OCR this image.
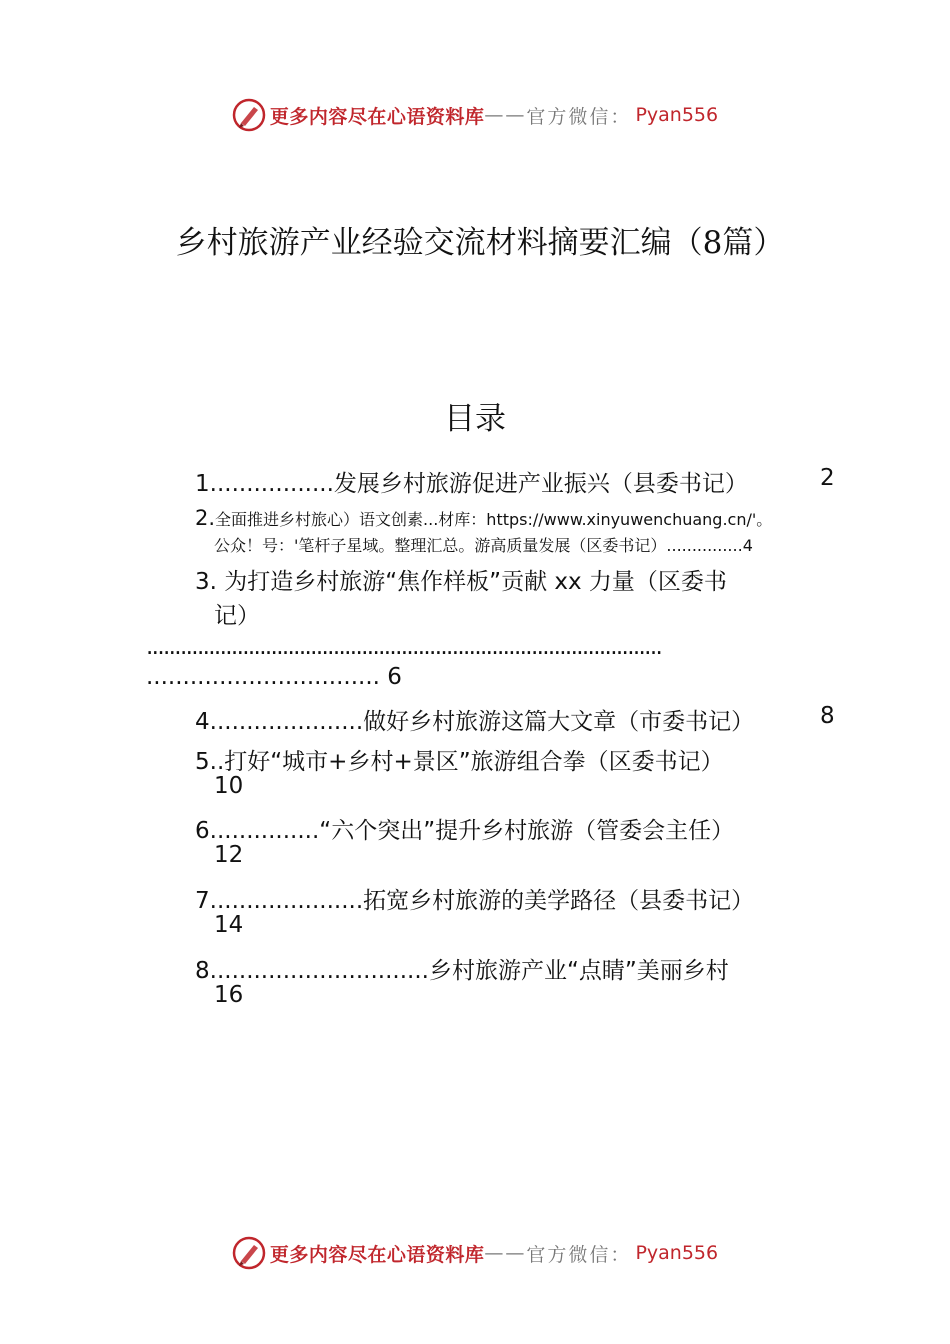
更多内容尽在心语资料库 —— 官方微信： Pyan556
乡村旅游产业经验交流材料摘要汇编（8篇）
目录
1.................发展乡村旅游促进产业振兴（县委书记）	2
2.全面推进乡村旅心）语文创素...材库：https://www.xinyuwenchuang.cn/'。
公众！号：'笔杆子星域。整理汇总。游高质量发展（区委书记）...............4
3. 为打造乡村旅游“焦作样板”贡献 xx 力量（区委书
记）
...........................................................................................
................................ 6
4.....................做好乡村旅游这篇大文章（市委书记）	8
5..打好“城市+乡村+景区”旅游组合拳（区委书记）
10
6...............“六个突出”提升乡村旅游（管委会主任）
12
7.....................拓宽乡村旅游的美学路径（县委书记）
14
8..............................乡村旅游产业“点睛”美丽乡村
16
更多内容尽在心语资料库 —— 官方微信： Pyan556
